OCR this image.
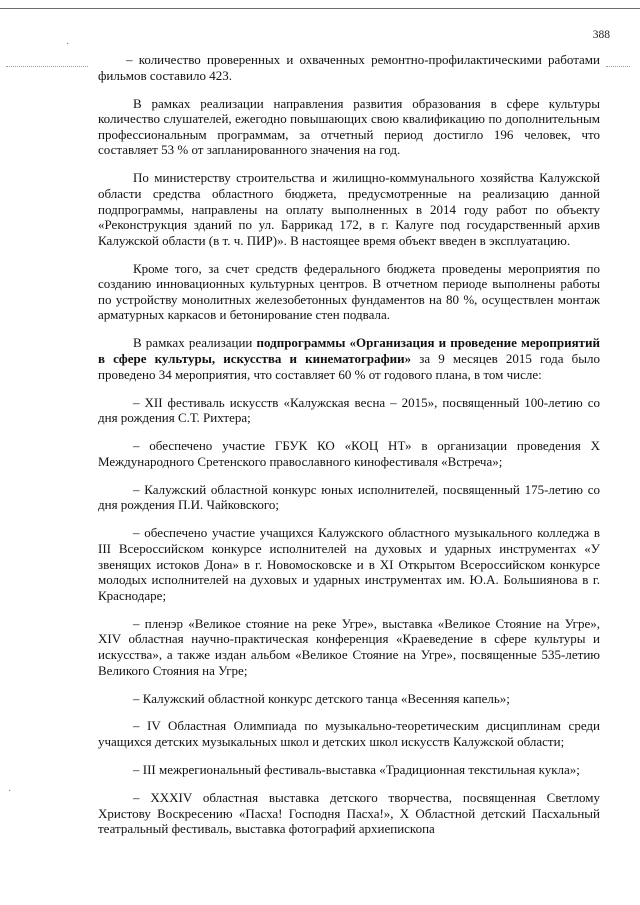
388
·
·

– количество проверенных и охваченных ремонтно-профилактическими работами фильмов составило 423.

В рамках реализации направления развития образования в сфере культуры количество слушателей, ежегодно повышающих свою квалификацию по дополнительным профессиональным программам, за отчетный период достигло 196 человек, что составляет 53 % от запланированного значения на год.

По министерству строительства и жилищно-коммунального хозяйства Калужской области средства областного бюджета, предусмотренные на реализацию данной подпрограммы, направлены на оплату выполненных в 2014 году работ по объекту «Реконструкция зданий по ул. Баррикад 172, в г. Калуге под государственный архив Калужской области (в т. ч. ПИР)». В настоящее время объект введен в эксплуатацию.

Кроме того, за счет средств федерального бюджета проведены мероприятия по созданию инновационных культурных центров. В отчетном периоде выполнены работы по устройству монолитных железобетонных фундаментов на 80 %, осуществлен монтаж арматурных каркасов и бетонирование стен подвала.

В рамках реализации подпрограммы «Организация и проведение мероприятий в сфере культуры, искусства и кинематографии» за 9 месяцев 2015 года было проведено 34 мероприятия, что составляет 60 % от годового плана, в том числе:

– XII фестиваль искусств «Калужская весна – 2015», посвященный 100-летию со дня рождения С.Т. Рихтера;

– обеспечено участие ГБУК КО «КОЦ НТ» в организации проведения X Международного Сретенского православного кинофестиваля «Встреча»;

– Калужский областной конкурс юных исполнителей, посвященный 175-летию со дня рождения П.И. Чайковского;

– обеспечено участие учащихся Калужского областного музыкального колледжа в III Всероссийском конкурсе исполнителей на духовых и ударных инструментах «У звенящих истоков Дона» в г. Новомосковске и в XI Открытом Всероссийском конкурсе молодых исполнителей на духовых и ударных инструментах им. Ю.А. Большиянова в г. Краснодаре;

– пленэр «Великое стояние на реке Угре», выставка «Великое Стояние на Угре», XIV областная научно-практическая конференция «Краеведение в сфере культуры и искусства», а также издан альбом «Великое Стояние на Угре», посвященные 535-летию Великого Стояния на Угре;

– Калужский областной конкурс детского танца «Весенняя капель»;

– IV Областная Олимпиада по музыкально-теоретическим дисциплинам среди учащихся детских музыкальных школ и детских школ искусств Калужской области;

– III межрегиональный фестиваль-выставка «Традиционная текстильная кукла»;

– XXXIV областная выставка детского творчества, посвященная Светлому Христову Воскресению «Пасха! Господня Пасха!», X Областной детский Пасхальный театральный фестиваль, выставка фотографий архиепископа
